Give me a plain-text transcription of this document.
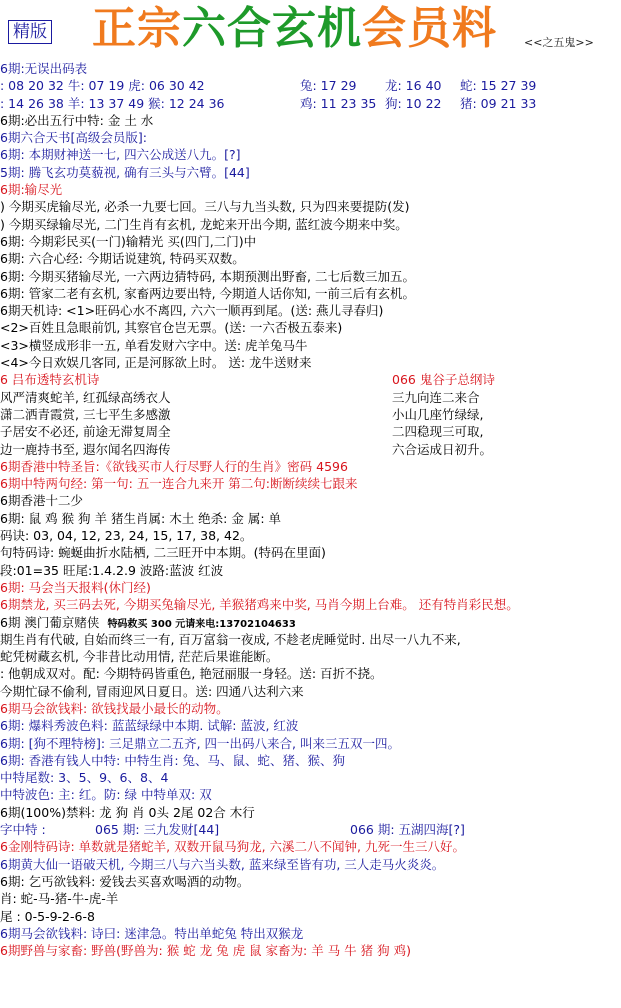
精版 正宗六合玄机会员料 <<之五鬼>>
6期:无误出码表
: 08 20 32 牛: 07 19 虎: 06 30 42	兔: 17 29 龙: 16 40 蛇: 15 27 39
: 14 26 38 羊: 13 37 49 猴: 12 24 36	鸡: 11 23 35 狗: 10 22 猪: 09 21 33
6期:必出五行中特: 金 土 水
6期六合天书[高级会员版]:
6期: 本期财神送一七, 四六公成送八九。[?]
5期: 腾飞玄功莫藐视, 确有三头与六臂。[44]
6期:输尽光
) 今期买虎输尽光, 必杀一九要七回。三八与九当头数, 只为四来要提防(发)
) 今期买绿输尽光, 二门生肖有玄机, 龙蛇来开出今期, 蓝红波今期来中奖。
6期: 今期彩民买(一门)输精光 买(四门,二门)中
6期: 六合心经: 今期话说建筑, 特码买双数。
6期: 今期买猪输尽光, 一六两边猜特码, 本期预测出野畜, 二七后数三加五。
6期: 管家二老有玄机, 家畜两边要出特, 今期道人话你知, 一前三后有玄机。
6期天机诗: <1>旺码心水不离四, 六六一顺再到尾。(送: 燕儿寻春归)
<2>百姓且急眼前饥, 其察官仓岂无票。(送: 一六否极五泰来)
<3>横竖成形非一五, 单看发财六字中。送: 虎羊兔马牛
<4>今日欢娱几客同, 正是河豚欲上时。 送: 龙牛送财来
6 吕布透特玄机诗	066 鬼谷子总纲诗
风严清爽蛇羊, 红孤绿高绣衣人	三九向连二来合
潇二洒青霞赏, 三七平生多感激	小山几座竹绿绿,
子居安不必还, 前途无滞复周全	二四稳现三可取,
边一鹿持书至, 遐尔闻名四海传	六合运成日初升。
6期香港中特圣旨:《欲钱买市人行尽野人行的生肖》密码 4596
6期中特两句经: 第一句: 五一连合九来开 第二句:断断续续七跟来
6期香港十二少
6期: 鼠 鸡 猴 狗 羊 猪生肖属: 木土 绝杀: 金 属: 单
码诀: 03, 04, 12, 23, 24, 15, 17, 38, 42。
句特码诗: 蜿蜒曲折水陆栖, 二三旺开中本期。(特码在里面)
段:01=35 旺尾:1.4.2.9 波路:蓝波 红波
6期: 马会当天报料(休门经)
6期禁龙, 买三码去死, 今期买兔输尽光, 羊猴猪鸡来中奖, 马肖今期上台难。 还有特肖彩民想。
6期 澳门葡京赌侠 特码救买 300 元请来电:13702104633
期生肖有代破, 自始而终三一有, 百万富翁一夜成, 不趁老虎睡觉时. 出尽一八九不来,
蛇凭树藏玄机, 今非昔比动用情, 茫茫后果谁能断。
: 他朝成双对。配: 今期特码皆重色, 艳冠丽服一身轻。送: 百折不挠。
今期忙碌不偷利, 冒雨迎风日夏日。送: 四通八达利六来
6期马会欲钱料: 欲钱找最小最长的动物。
6期: 爆料秀波色料: 蓝蓝绿绿中本期. 试解: 蓝波, 红波
6期: [狗不理特榜]: 三足鼎立二五齐, 四一出码八来合, 叫来三五双一四。
6期: 香港有钱人中特: 中特生肖: 兔、马、鼠、蛇、猪、猴、狗
中特尾数: 3、5、9、6、8、4
中特波色: 主: 红。防: 绿 中特单双: 双
6期(100%)禁料: 龙 狗 肖 0头 2尾 02合 木行
字中特 :	065 期: 三九发财[44]	066 期: 五湖四海[?]
6金刚特码诗: 单数就是猪蛇羊, 双数开鼠马狗龙, 六溪二八不闻钟, 九死一生三八好。
6期黄大仙一语破天机, 今期三八与六当头数, 蓝来绿至皆有功, 三人走马火炎炎。
6期: 乞丐欲钱料: 爱钱去买喜欢喝酒的动物。
肖: 蛇-马-猪-牛-虎-羊
尾 : 0-5-9-2-6-8
6期马会欲钱料: 诗曰: 迷津急。特出单蛇兔 特出双猴龙
6期野兽与家畜: 野兽(野兽为: 猴 蛇 龙 兔 虎 鼠 家畜为: 羊 马 牛 猪 狗 鸡)
